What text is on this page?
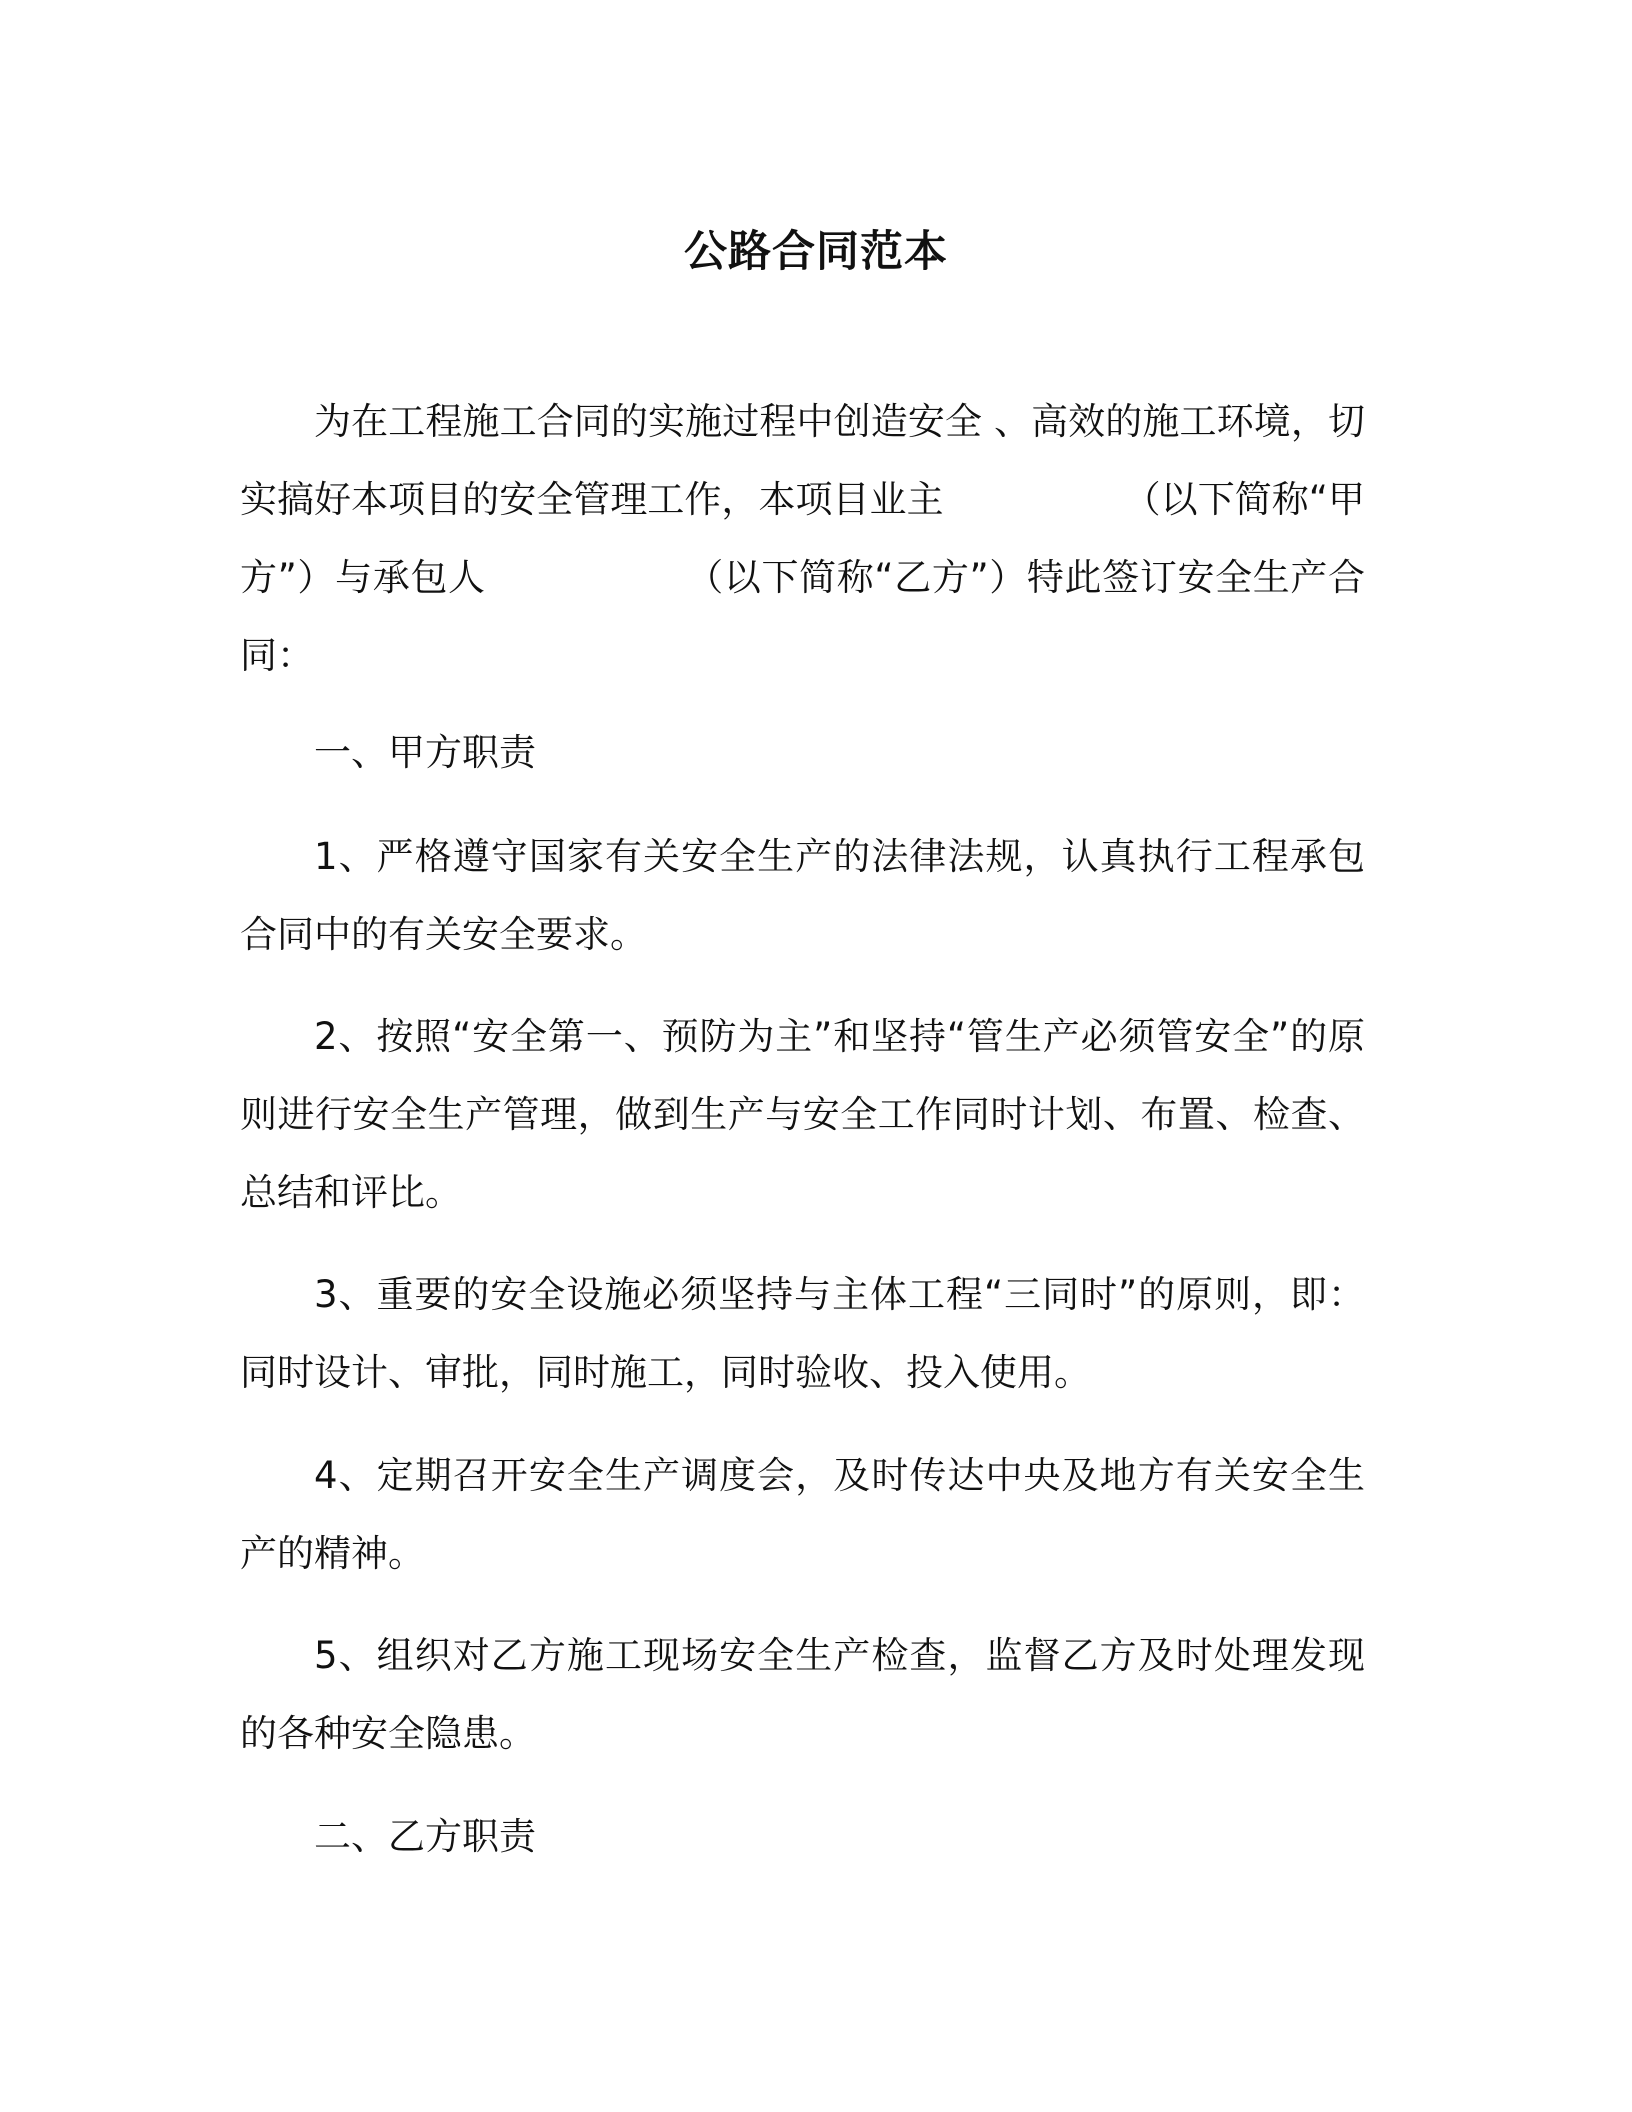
公路合同范本

为在工程施工合同的实施过程中创造安全 、高效的施工环境，切实搞好本项目的安全管理工作，本项目业主	（以下简称“甲方”）与承包人	（以下简称“乙方”）特此签订安全生产合同：

一、甲方职责

1、严格遵守国家有关安全生产的法律法规，认真执行工程承包合同中的有关安全要求。

2、按照“安全第一、预防为主”和坚持“管生产必须管安全”的原则进行安全生产管理，做到生产与安全工作同时计划、布置、检查、总结和评比。

3、重要的安全设施必须坚持与主体工程“三同时”的原则，即：同时设计、审批，同时施工，同时验收、投入使用。

4、定期召开安全生产调度会，及时传达中央及地方有关安全生产的精神。

5、组织对乙方施工现场安全生产检查，监督乙方及时处理发现的各种安全隐患。

二、乙方职责
